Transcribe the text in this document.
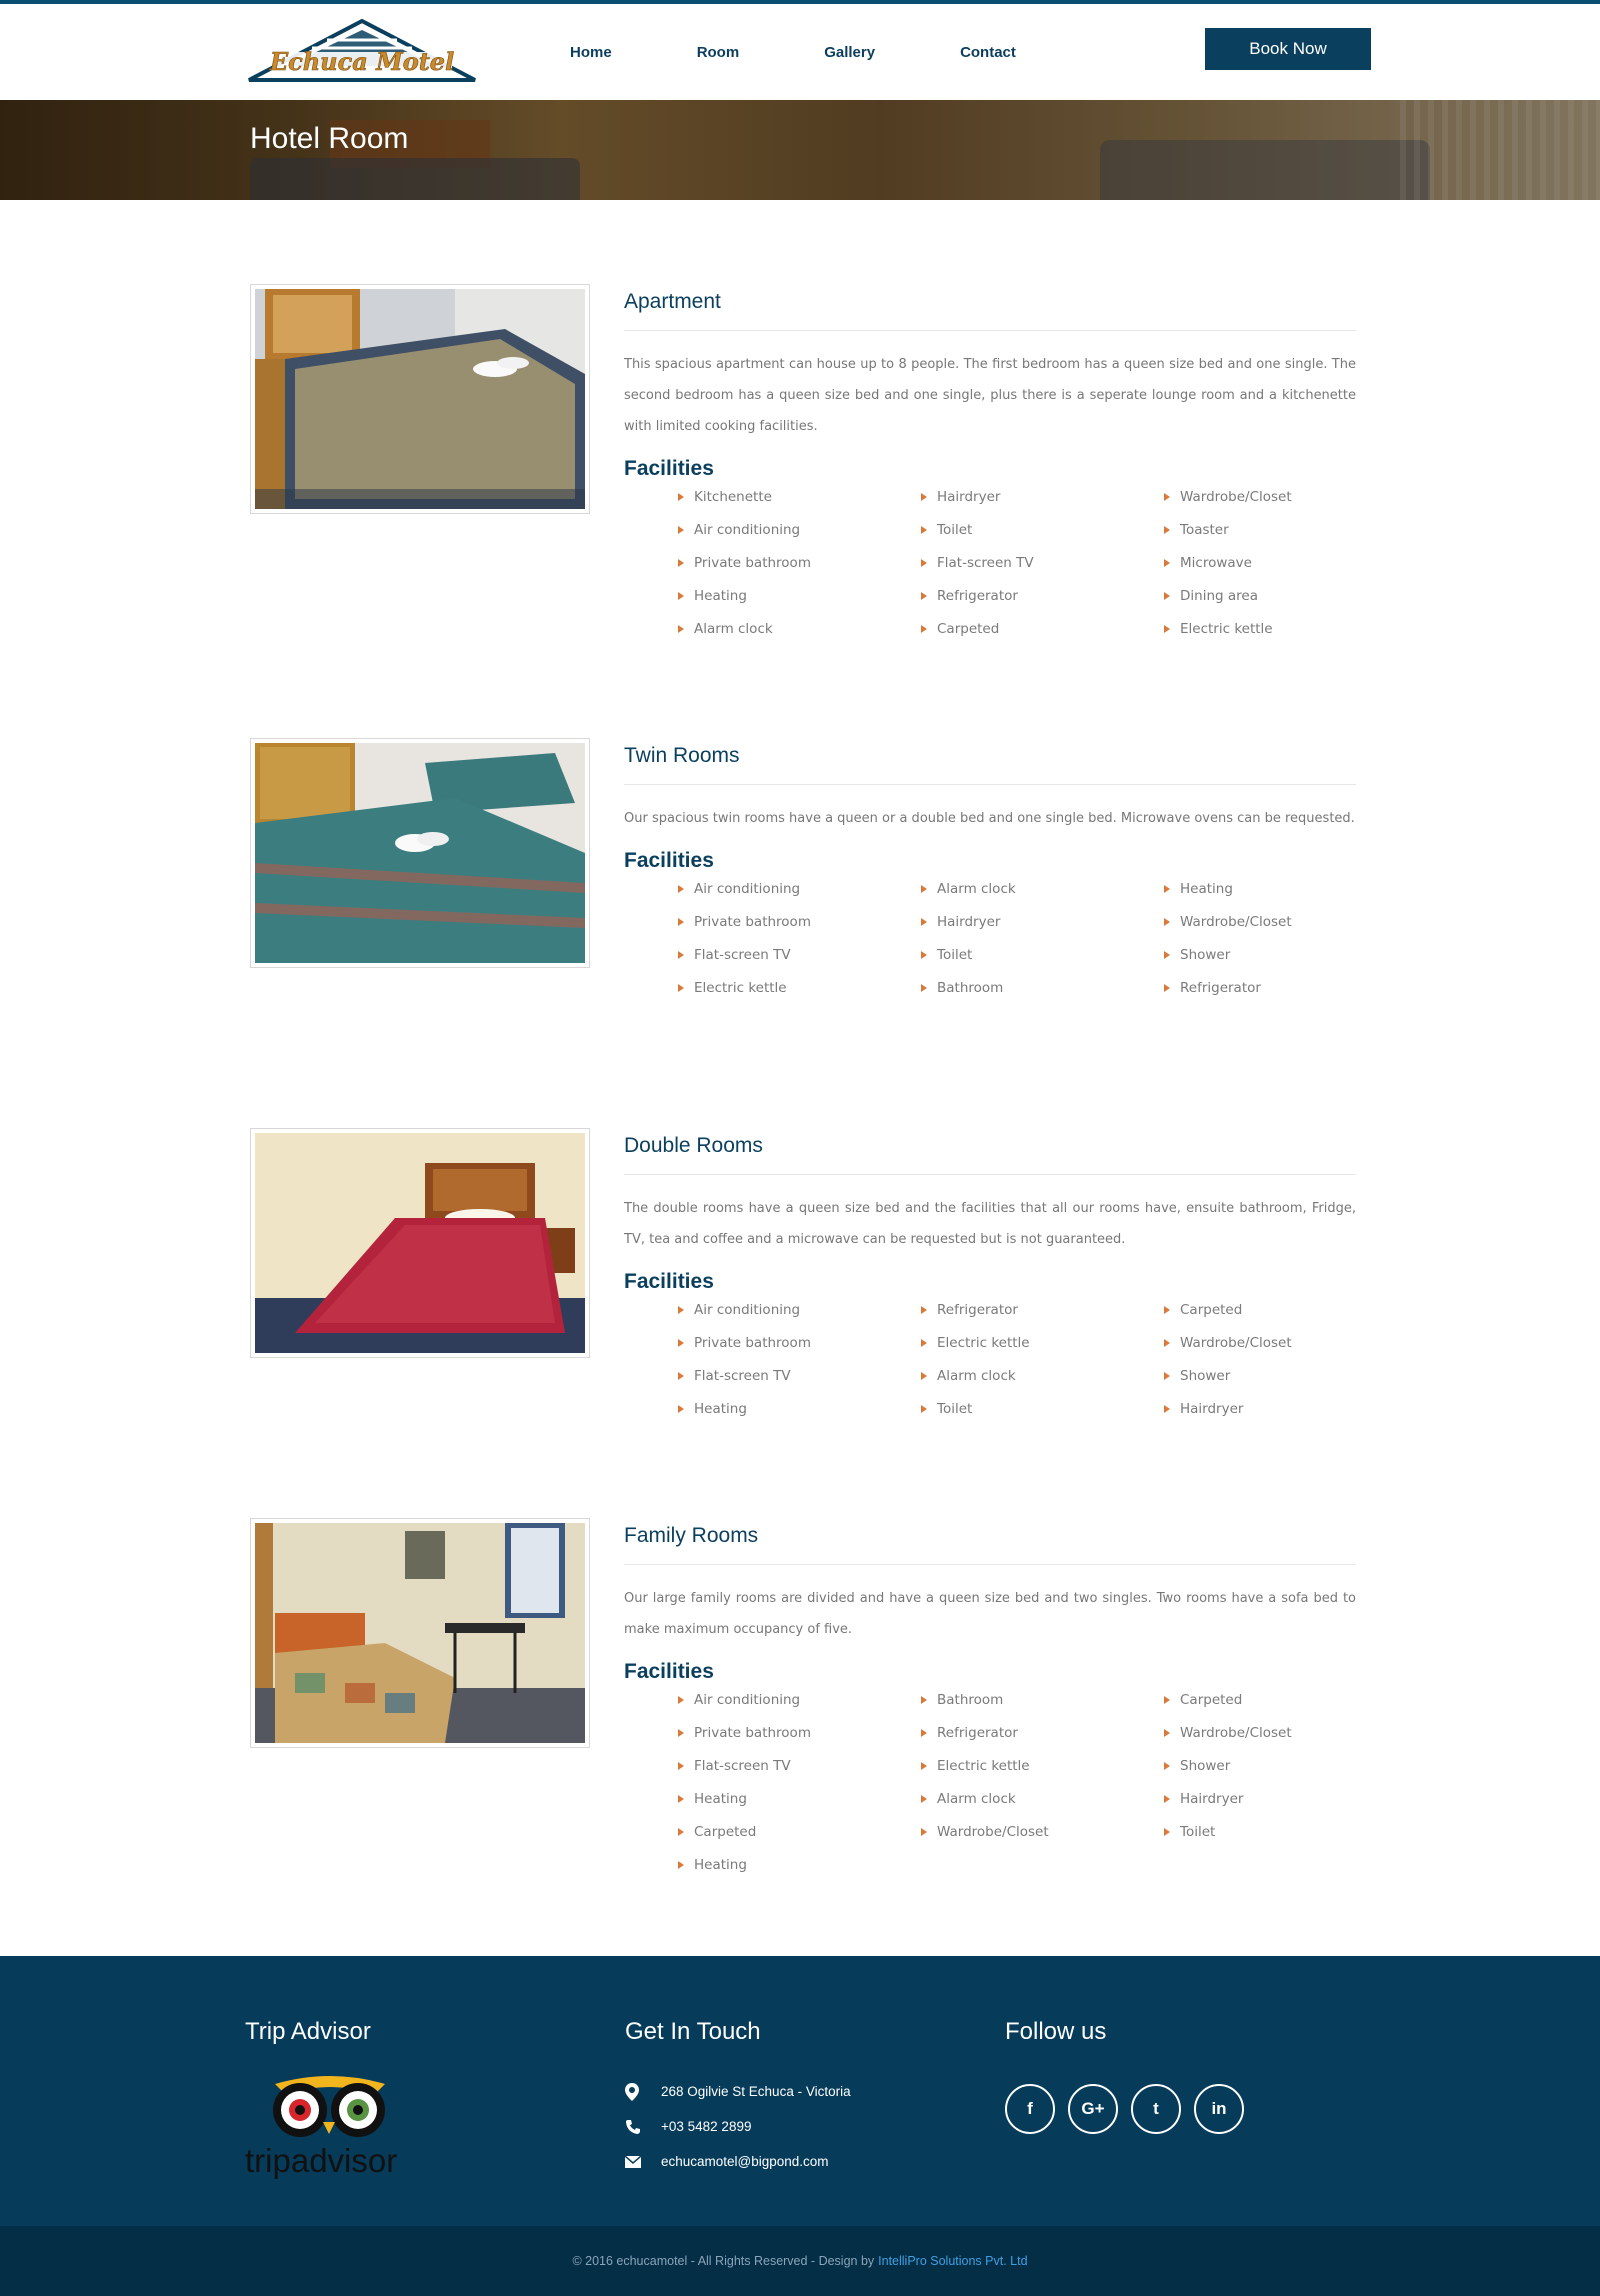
Echuca Motel	Home	Room	Gallery	Contact	Book Now
Hotel Room
Apartment

This spacious apartment can house up to 8 people. The first bedroom has a queen size bed and one single. The second bedroom has a queen size bed and one single, plus there is a seperate lounge room and a kitchenette with limited cooking facilities.

Facilities
Kitchenette	Hairdryer	Wardrobe/Closet
Air conditioning	Toilet	Toaster
Private bathroom	Flat-screen TV	Microwave
Heating	Refrigerator	Dining area
Alarm clock	Carpeted	Electric kettle
Twin Rooms

Our spacious twin rooms have a queen or a double bed and one single bed. Microwave ovens can be requested.

Facilities
Air conditioning	Alarm clock	Heating
Private bathroom	Hairdryer	Wardrobe/Closet
Flat-screen TV	Toilet	Shower
Electric kettle	Bathroom	Refrigerator
Double Rooms

The double rooms have a queen size bed and the facilities that all our rooms have, ensuite bathroom, Fridge, TV, tea and coffee and a microwave can be requested but is not guaranteed.

Facilities
Air conditioning	Refrigerator	Carpeted
Private bathroom	Electric kettle	Wardrobe/Closet
Flat-screen TV	Alarm clock	Shower
Heating	Toilet	Hairdryer
Family Rooms

Our large family rooms are divided and have a queen size bed and two singles. Two rooms have a sofa bed to make maximum occupancy of five.

Facilities
Air conditioning	Bathroom	Carpeted
Private bathroom	Refrigerator	Wardrobe/Closet
Flat-screen TV	Electric kettle	Shower
Heating	Alarm clock	Hairdryer
Carpeted	Wardrobe/Closet	Toilet
Heating
Trip Advisor
tripadvisor
Get In Touch
268 Ogilvie St Echuca - Victoria
+03 5482 2899
echucamotel@bigpond.com
Follow us
f	G+	t	in
© 2016 echucamotel - All Rights Reserved - Design by IntelliPro Solutions Pvt. Ltd
